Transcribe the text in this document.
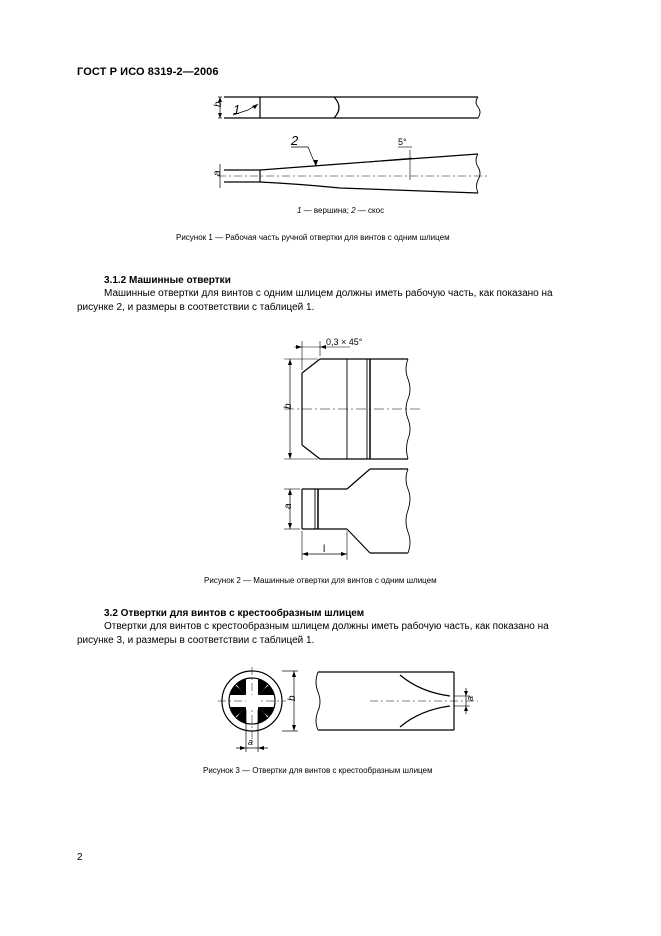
ГОСТ Р ИСО 8319-2—2006
b
a
1
2	5°
1 — вершина; 2 — скос
Рисунок 1 — Рабочая часть ручной отвертки для винтов с одним шлицем
3.1.2 Машинные отвертки

Машинные отвертки для винтов с одним шлицем должны иметь рабочую часть, как показано на рисунке 2, и размеры в соответствии с таблицей 1.

0,3 × 45°
b
a
l
Рисунок 2 — Машинные отвертки для винтов с одним шлицем
3.2 Отвертки для винтов с крестообразным шлицем

Отвертки для винтов с крестообразным шлицем должны иметь рабочую часть, как показано на рисунке 3, и размеры в соответствии с таблицей 1.

b
a
a
Рисунок 3 — Отвертки для винтов с крестообразным шлицем
2
